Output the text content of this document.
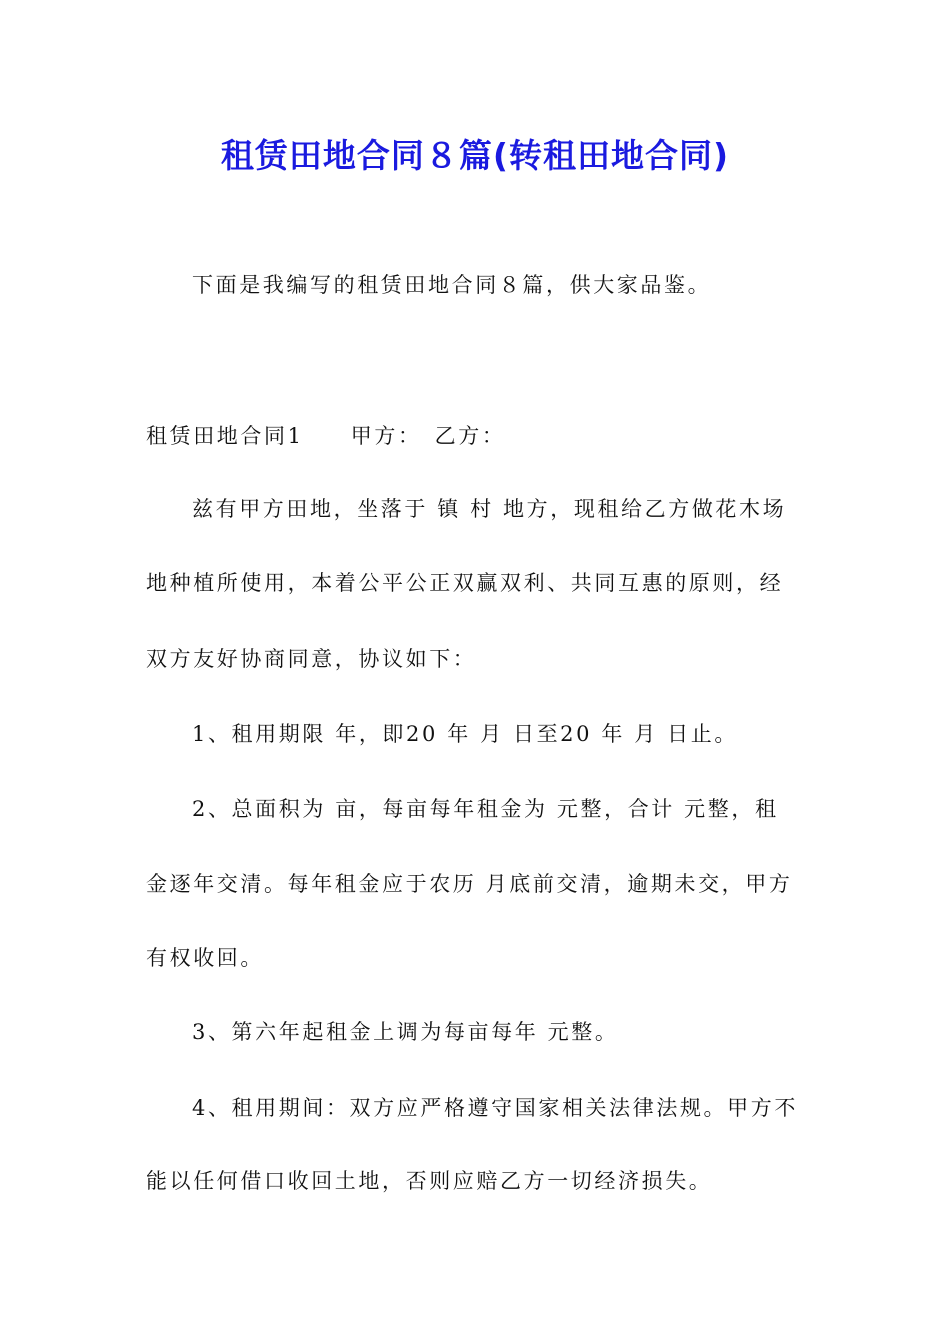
租赁田地合同８篇(转租田地合同)
下面是我编写的租赁田地合同８篇，供大家品鉴。
租赁田地合同1　　甲方：　乙方：
兹有甲方田地，坐落于 镇 村 地方，现租给乙方做花木场
地种植所使用，本着公平公正双赢双利、共同互惠的原则，经
双方友好协商同意，协议如下：
1、租用期限 年，即20 年 月 日至20 年 月 日止。
2、总面积为 亩，每亩每年租金为 元整，合计 元整，租
金逐年交清。每年租金应于农历 月底前交清，逾期未交，甲方
有权收回。
3、第六年起租金上调为每亩每年 元整。
4、租用期间：双方应严格遵守国家相关法律法规。甲方不
能以任何借口收回土地，否则应赔乙方一切经济损失。
